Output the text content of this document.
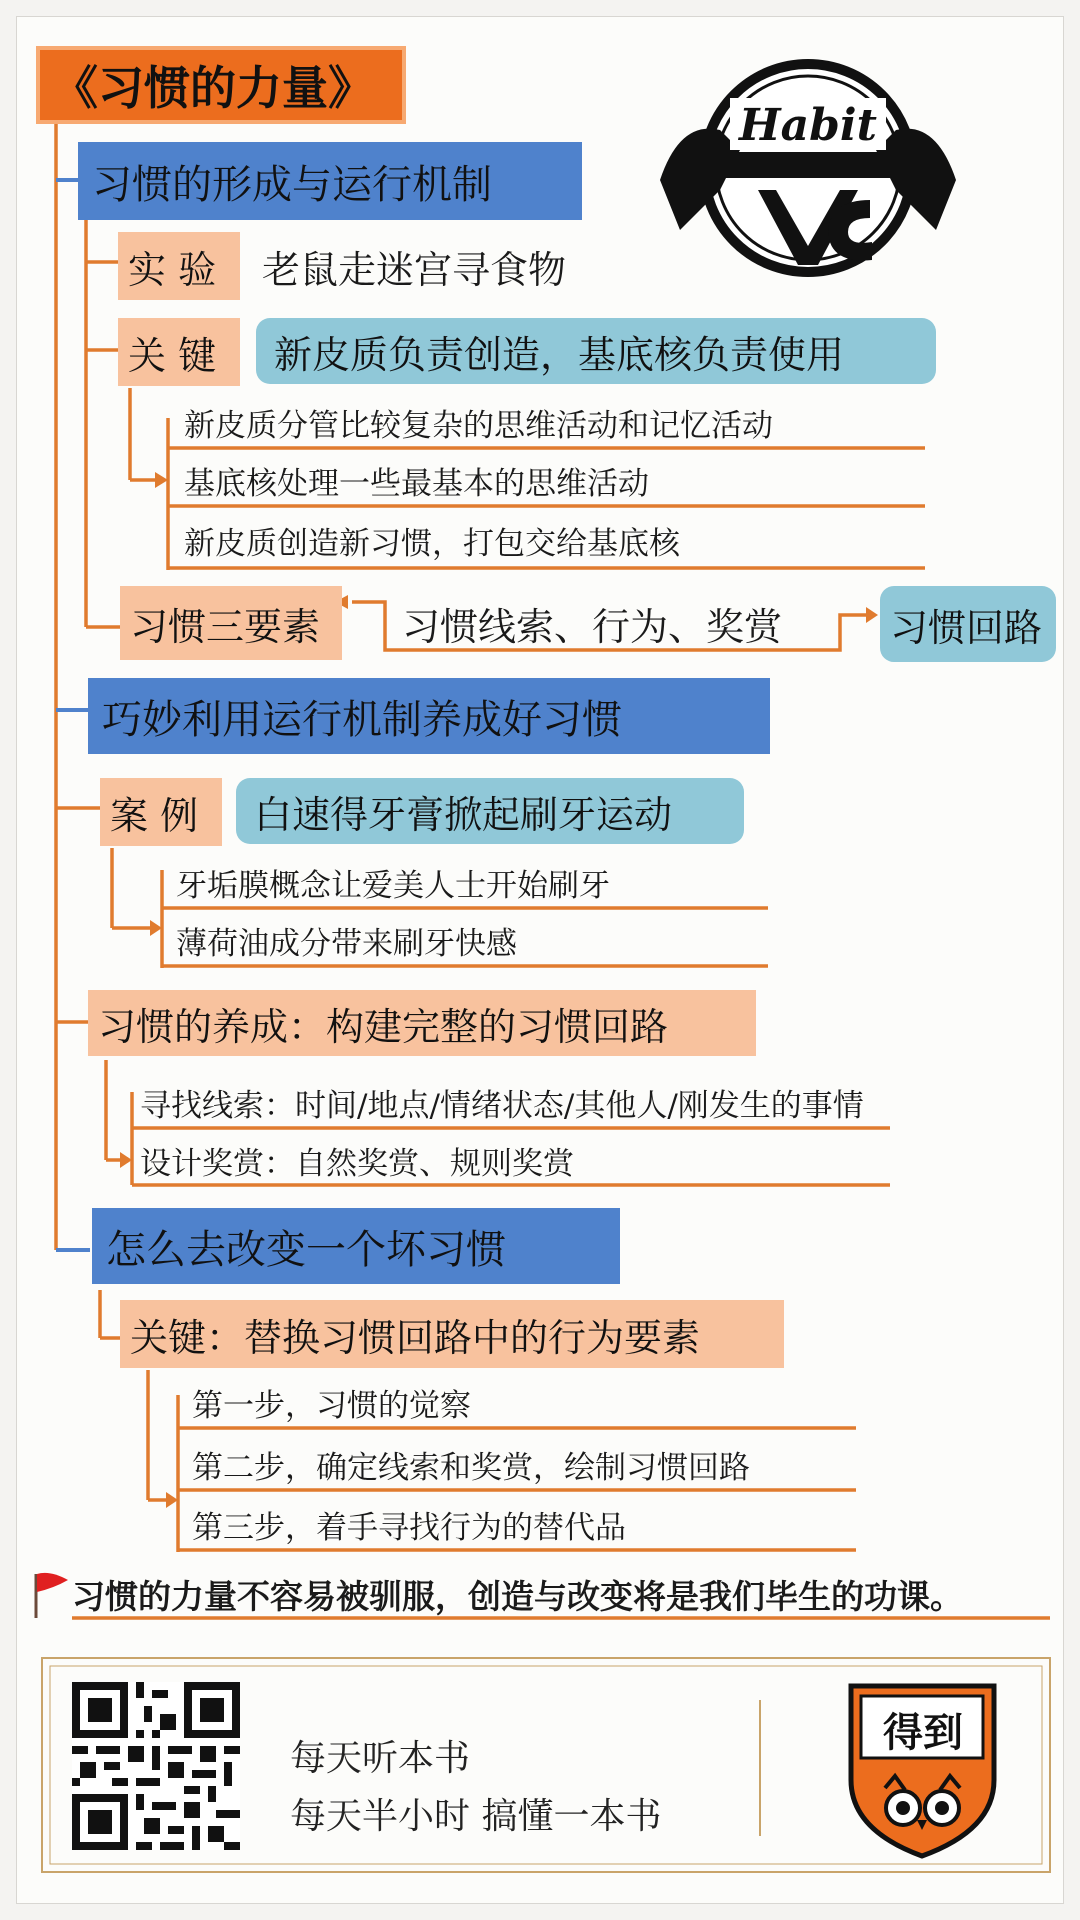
《习惯的力量》
Habit
习惯的形成与运行机制
实 验	老鼠走迷宫寻食物
关 键	新皮质负责创造，基底核负责使用
新皮质分管比较复杂的思维活动和记忆活动
基底核处理一些最基本的思维活动
新皮质创造新习惯，打包交给基底核
习惯三要素	习惯线索、行为、奖赏	习惯回路
巧妙利用运行机制养成好习惯
案 例	白速得牙膏掀起刷牙运动
牙垢膜概念让爱美人士开始刷牙
薄荷油成分带来刷牙快感
习惯的养成：构建完整的习惯回路
寻找线索：时间/地点/情绪状态/其他人/刚发生的事情
设计奖赏：自然奖赏、规则奖赏
怎么去改变一个坏习惯
关键：替换习惯回路中的行为要素
第一步，习惯的觉察
第二步，确定线索和奖赏，绘制习惯回路
第三步，着手寻找行为的替代品
习惯的力量不容易被驯服，创造与改变将是我们毕生的功课。
每天听本书
每天半小时 搞懂一本书
得到
